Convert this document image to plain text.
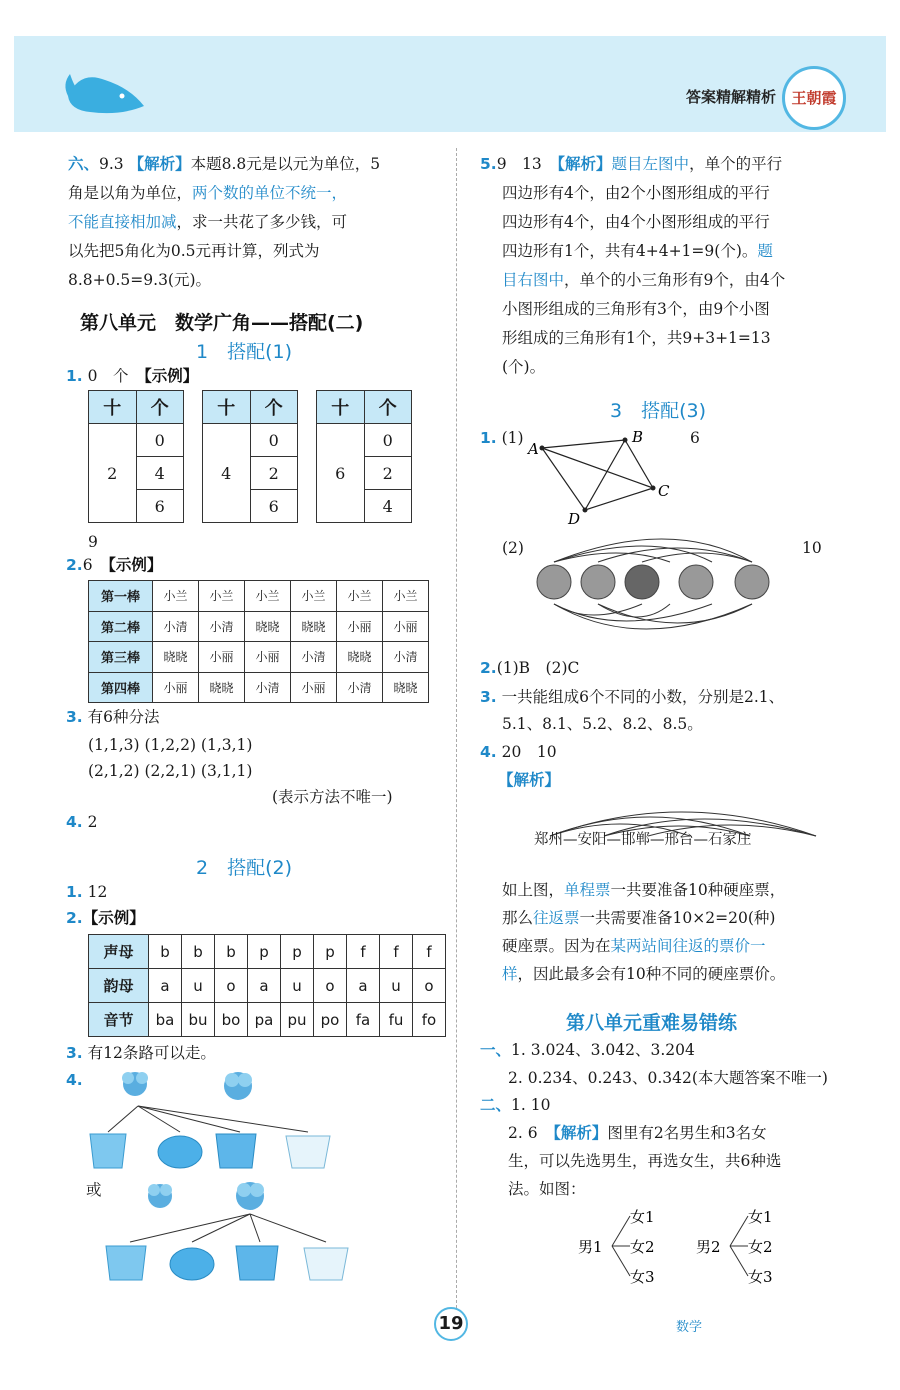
答案精解精析	王朝霞
六、9.3 【解析】本题8.8元是以元为单位，5
角是以角为单位，两个数的单位不统一，
不能直接相加减，求一共花了多少钱，可
以先把5角化为0.5元再计算，列式为
8.8+0.5=9.3(元)。
第八单元　数学广角——搭配(二)
1　搭配(1)
1. 0　个　【示例】
十	个
2	0
	4
	6
十	个
4	0
	2
	6
十	个
6	0
	2
	4
9
2.6　【示例】
第一棒	小兰	小兰	小兰	小兰	小兰	小兰
第二棒	小清	小清	晓晓	晓晓	小丽	小丽
第三棒	晓晓	小丽	小丽	小清	晓晓	小清
第四棒	小丽	晓晓	小清	小丽	小清	晓晓
3. 有6种分法
(1,1,3) (1,2,2) (1,3,1)
(2,1,2) (2,2,1) (3,1,1)
(表示方法不唯一)
4. 2
2　搭配(2)
1. 12
2.【示例】
声母	b	b	b	p	p	p	f	f	f
韵母	a	u	o	a	u	o	a	u	o
音节	ba	bu	bo	pa	pu	po	fa	fu	fo
3. 有12条路可以走。
4.
或
5.9　13　【解析】题目左图中，单个的平行
四边形有4个，由2个小图形组成的平行
四边形有4个，由4个小图形组成的平行
四边形有1个，共有4+4+1=9(个)。题
目右图中，单个的小三角形有9个，由4个
小图形组成的三角形有3个，由9个小图
形组成的三角形有1个，共9+3+1=13
(个)。
3　搭配(3)
1. (1)	6
A
B
C
D
(2)	10
2.(1)B　(2)C
3. 一共能组成6个不同的小数，分别是2.1、
5.1、8.1、5.2、8.2、8.5。
4. 20　10
【解析】
郑州—安阳—邯郸—邢台—石家庄
如上图，单程票一共要准备10种硬座票，
那么往返票一共需要准备10×2=20(种)
硬座票。因为在某两站间往返的票价一
样，因此最多会有10种不同的硬座票价。
第八单元重难易错练
一、1. 3.024、3.042、3.204
2. 0.234、0.243、0.342(本大题答案不唯一)
二、1. 10
2. 6　【解析】图里有2名男生和3名女
生，可以先选男生，再选女生，共6种选
法。如图：
男1
女1
女2
女3
男2
女1
女2
女3
19	数学
